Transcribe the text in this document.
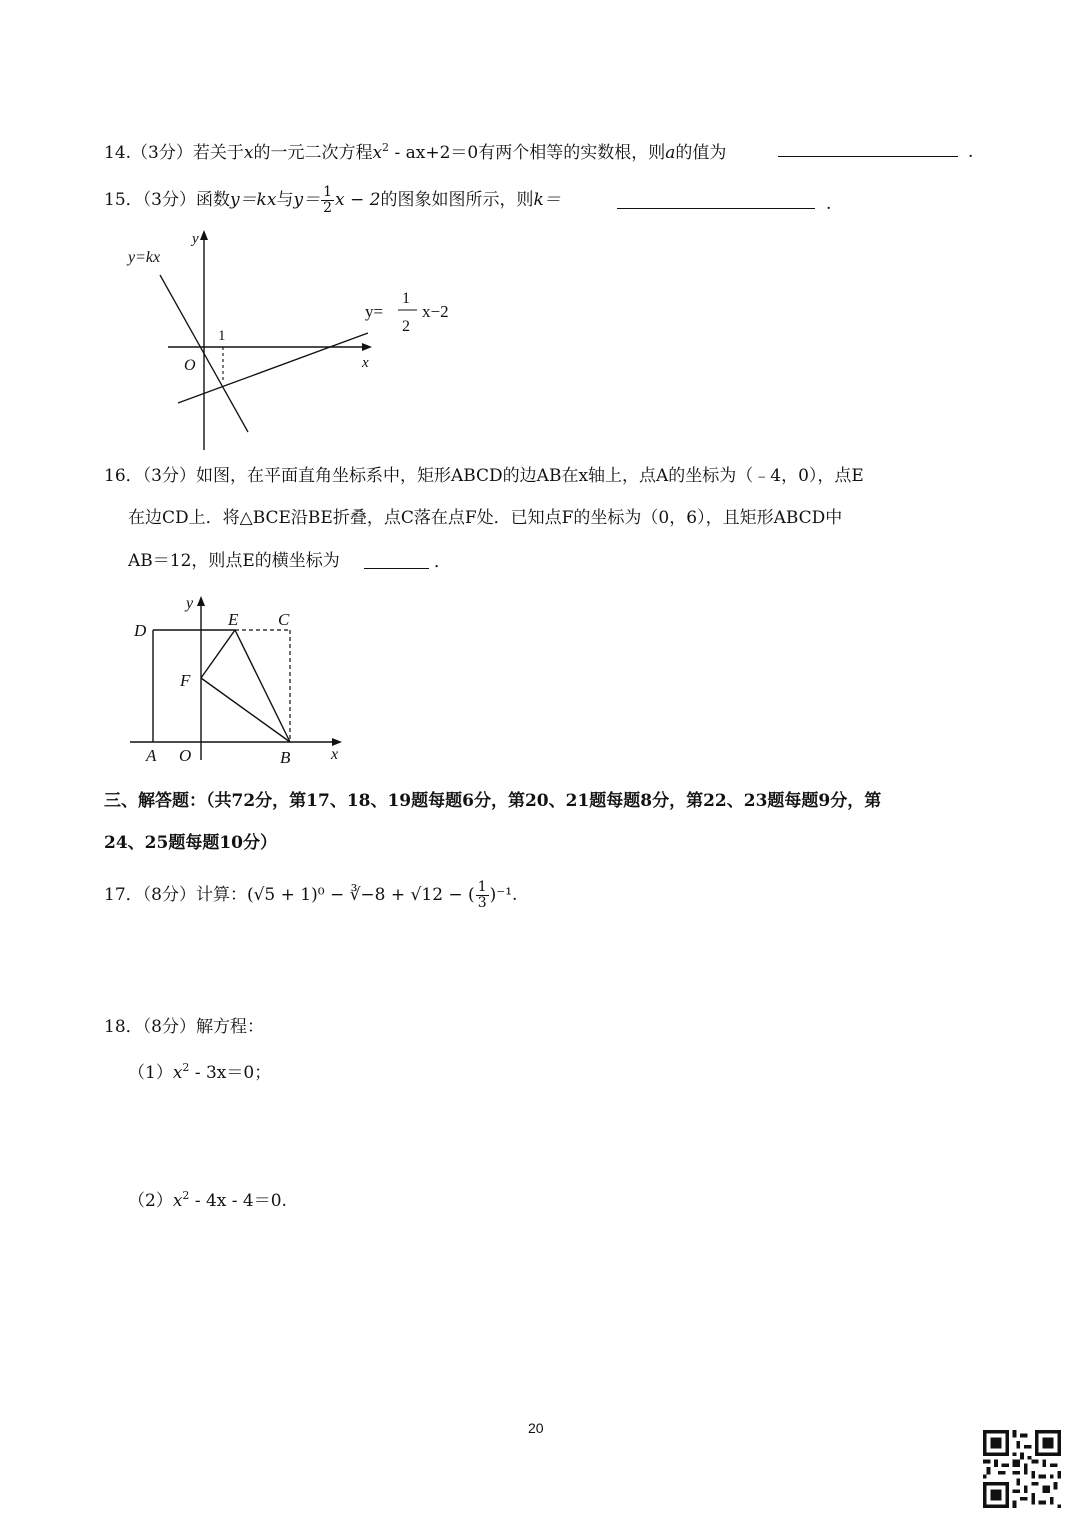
14.（3分）若关于x的一元二次方程$x^2 - ax+2=0$有两个相等的实数根，则a的值为	.
15．（3分）函数y＝kx与$y= \frac{1}{2}$ x − 2的图象如图所示，则k＝	.
y=kx
y
x
O
1
y=
1
2
x−2
16．（3分）如图，在平面直角坐标系中，矩形ABCD的边AB在x轴上，点A的坐标为（﹣4，0），点E
在边CD上．将△BCE沿BE折叠，点C落在点F处．已知点F的坐标为（0，6），且矩形ABCD中
AB＝12，则点E的横坐标为	．
D
y
E C
F
A O	B	x
三、解答题：（共72分，第17、18、19题每题6分，第20、21题每题8分，第22、23题每题9分，第
24、25题每题10分）
17．（8分）计算：(√5 + 1)⁰ − ∛−8 + √12 − ( $\frac{1}{3} )^{-1}$.
18．（8分）解方程：
$(1)x^2 - 3x=0$；
$(2)x^2 - 4x - 4=0$.
20
